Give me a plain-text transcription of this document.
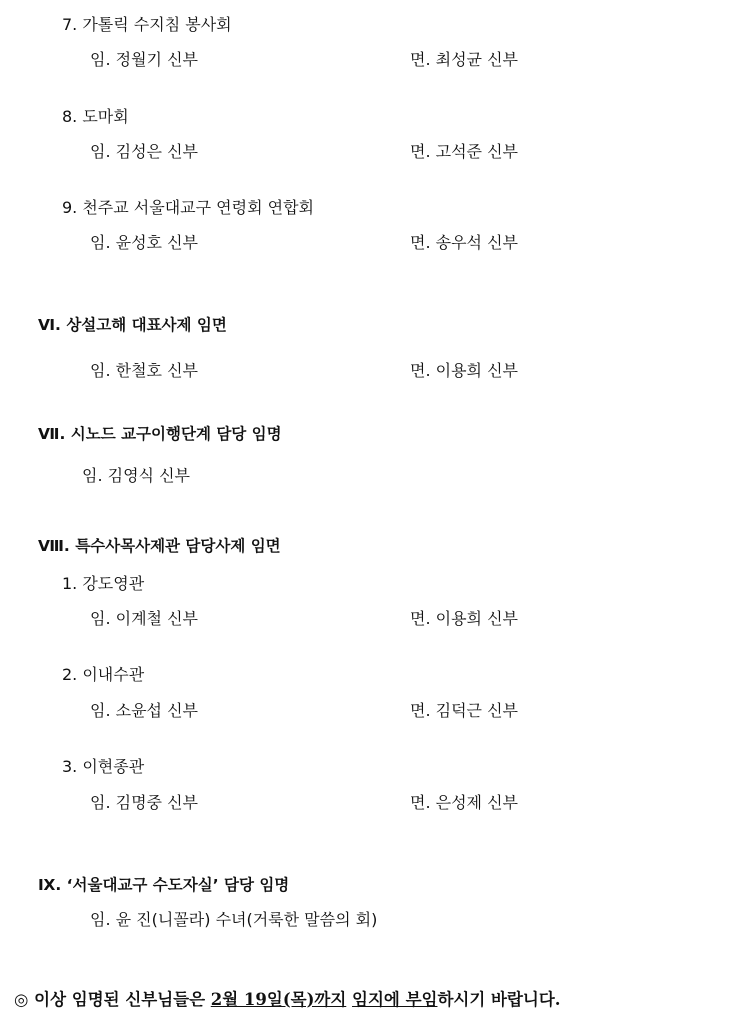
7. 가톨릭 수지침 봉사회
임. 정월기 신부	면. 최성균 신부
8. 도마회
임. 김성은 신부	면. 고석준 신부
9. 천주교 서울대교구 연령회 연합회
임. 윤성호 신부	면. 송우석 신부
Ⅵ. 상설고해 대표사제 임면
임. 한철호 신부	면. 이용희 신부
Ⅶ. 시노드 교구이행단계 담당 임명
임. 김영식 신부
Ⅷ. 특수사목사제관 담당사제 임면
1. 강도영관
임. 이계철 신부	면. 이용희 신부
2. 이내수관
임. 소윤섭 신부	면. 김덕근 신부
3. 이현종관
임. 김명중 신부	면. 은성제 신부
Ⅸ. ‘서울대교구 수도자실’ 담당 임명
임. 윤 진(니꼴라) 수녀(거룩한 말씀의 회)
◎ 이상 임명된 신부님들은 2월 19일(목)까지 임지에 부임하시기 바랍니다.
